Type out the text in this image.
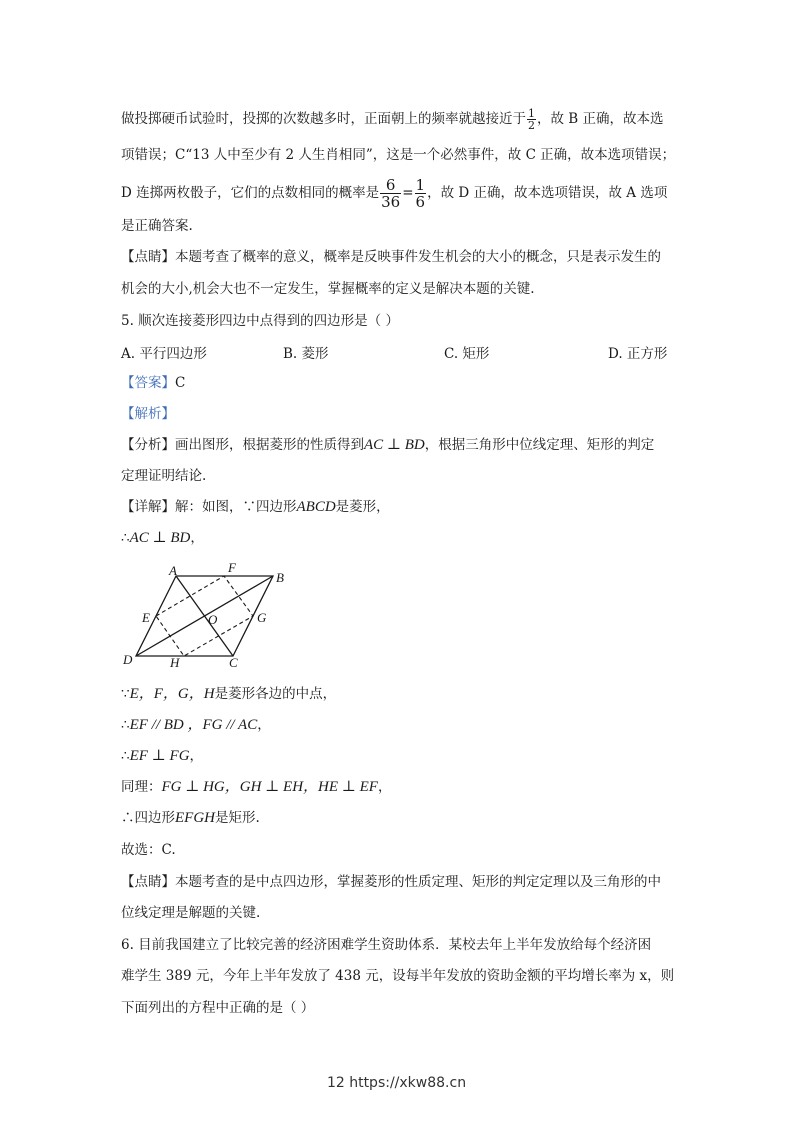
做投掷硬币试验时，投掷的次数越多时，正面朝上的频率就越接近于 $\frac{1}{2}$ ，故 B 正确，故本选
项错误；C“13 人中至少有 2 人生肖相同”，这是一个必然事件，故 C 正确，故本选项错误；
D 连掷两枚骰子，它们的点数相同的概率是 $\frac{6}{36} = \frac{1}{6}$ ，故 D 正确，故本选项错误，故 A 选项
是正确答案.
【点睛】本题考查了概率的意义，概率是反映事件发生机会的大小的概念，只是表示发生的
机会的大小,机会大也不一定发生，掌握概率的定义是解决本题的关键.
5. 顺次连接菱形四边中点得到的四边形是（ ）
A. 平行四边形	B. 菱形	C. 矩形	D. 正方形
【答案】C
【解析】
【分析】画出图形，根据菱形的性质得到AC ⊥ BD，根据三角形中位线定理、矩形的判定
定理证明结论.
【详解】解：如图，∵四边形ABCD是菱形，
∴AC ⊥ BD，
A	F
B
E	O	G
D	H	C
∵E，F，G，H是菱形各边的中点，
∴EF // BD ，FG // AC，
∴EF ⊥ FG，
同理：FG ⊥ HG，GH ⊥ EH，HE ⊥ EF，
∴四边形EFGH是矩形.
故选：C.
【点睛】本题考查的是中点四边形，掌握菱形的性质定理、矩形的判定定理以及三角形的中
位线定理是解题的关键.
6. 目前我国建立了比较完善的经济困难学生资助体系．某校去年上半年发放给每个经济困
难学生 389 元，今年上半年发放了 438 元，设每半年发放的资助金额的平均增长率为 x，则
下面列出的方程中正确的是（ ）
12 https://xkw88.cn
